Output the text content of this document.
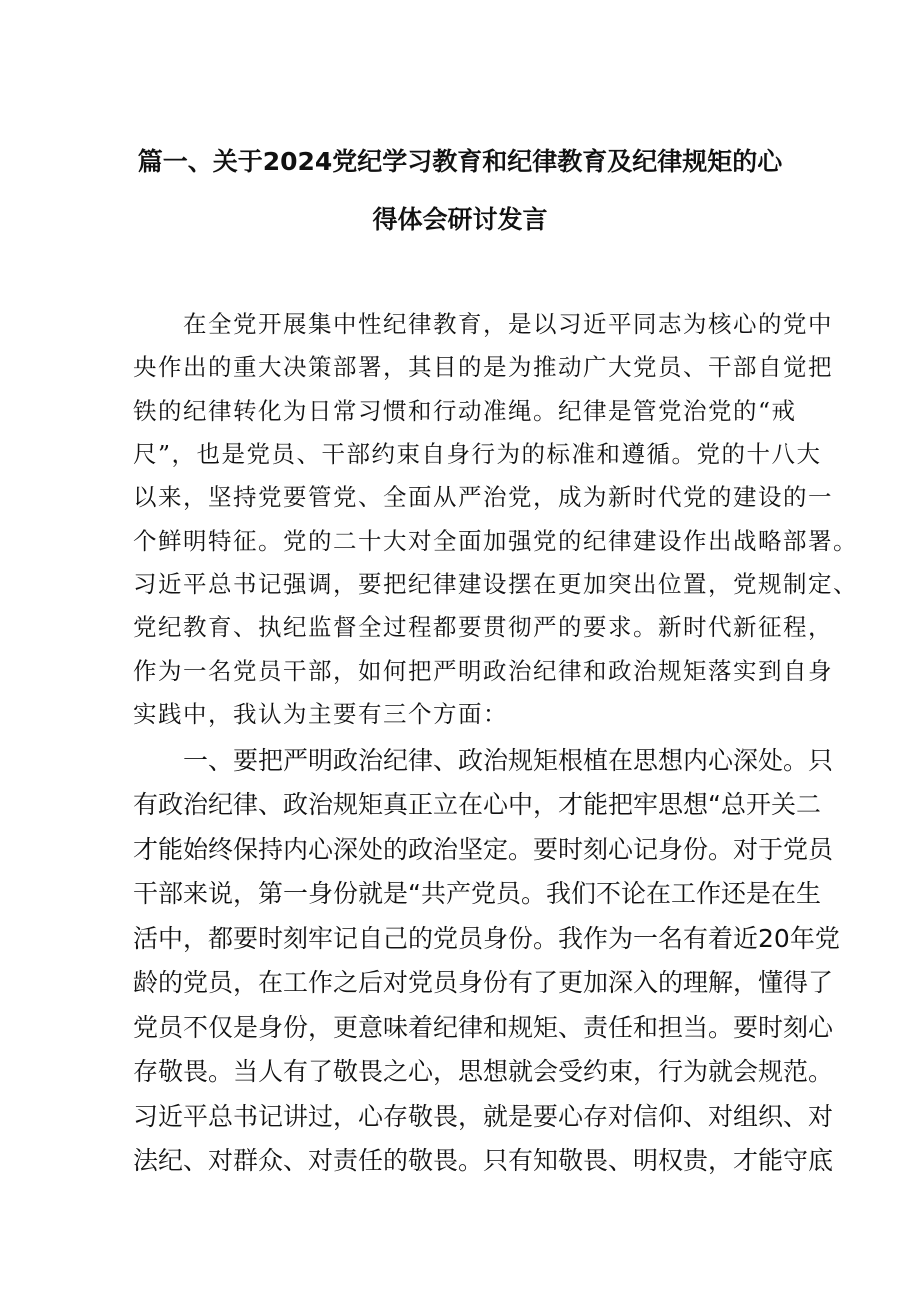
篇一、关于2024党纪学习教育和纪律教育及纪律规矩的心
得体会研讨发言
　　在全党开展集中性纪律教育，是以习近平同志为核心的党中
央作出的重大决策部署，其目的是为推动广大党员、干部自觉把
铁的纪律转化为日常习惯和行动准绳。纪律是管党治党的“戒
尺”，也是党员、干部约束自身行为的标准和遵循。党的十八大
以来，坚持党要管党、全面从严治党，成为新时代党的建设的一
个鲜明特征。党的二十大对全面加强党的纪律建设作出战略部署。
习近平总书记强调，要把纪律建设摆在更加突出位置，党规制定、
党纪教育、执纪监督全过程都要贯彻严的要求。新时代新征程，
作为一名党员干部，如何把严明政治纪律和政治规矩落实到自身
实践中，我认为主要有三个方面：
　　一、要把严明政治纪律、政治规矩根植在思想内心深处。只
有政治纪律、政治规矩真正立在心中，才能把牢思想“总开关二
才能始终保持内心深处的政治坚定。要时刻心记身份。对于党员
干部来说，第一身份就是“共产党员。我们不论在工作还是在生
活中，都要时刻牢记自己的党员身份。我作为一名有着近20年党
龄的党员，在工作之后对党员身份有了更加深入的理解，懂得了
党员不仅是身份，更意味着纪律和规矩、责任和担当。要时刻心
存敬畏。当人有了敬畏之心，思想就会受约束，行为就会规范。
习近平总书记讲过，心存敬畏，就是要心存对信仰、对组织、对
法纪、对群众、对责任的敬畏。只有知敬畏、明权贵，才能守底
